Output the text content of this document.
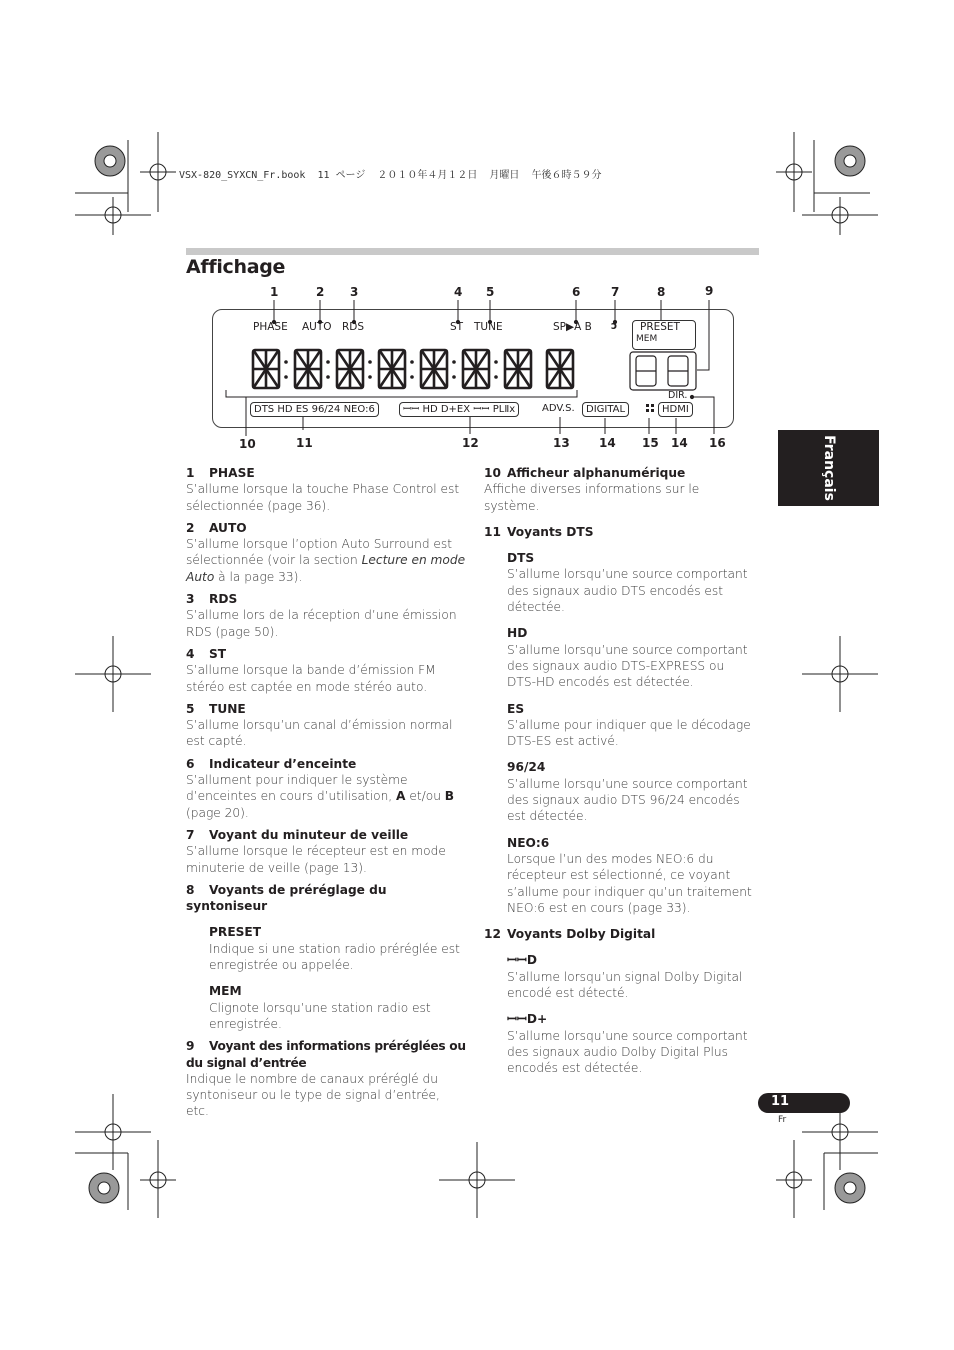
VSX-820_SYXCN_Fr.book  11 ページ  ２０１０年４月１２日  月曜日  午後６時５９分
Affichage
Français
1	2 3	4 5	6	7	8	9
10	11	12	13 14 15 14 16
PHASE AUTO RDS	ST TUNE	SP▶A B ↄ	PRESET
MEM
DIR.
DTS HD ES 96/24 NEO:6	ꟷꟷ HD D+EX ꟷꟷ PLⅡx	ADV.S.	DIGITAL	HDMI
1 PHASE
S’allume lorsque la touche Phase Control est sélectionnée (page 36).
2 AUTO
S’allume lorsque l’option Auto Surround est sélectionnée (voir la section Lecture en mode Auto à la page 33).
3 RDS
S’allume lors de la réception d’une émission RDS (page 50).
4 ST
S’allume lorsque la bande d’émission FM stéréo est captée en mode stéréo auto.
5 TUNE
S’allume lorsqu’un canal d’émission normal est capté.
6 Indicateur d’enceinte
S’allument pour indiquer le système d’enceintes en cours d’utilisation, A et/ou B (page 20).
7 Voyant du minuteur de veille
S’allume lorsque le récepteur est en mode minuterie de veille (page 13).
8 Voyants de préréglage du syntoniseur
PRESET
Indique si une station radio préréglée est enregistrée ou appelée.
MEM
Clignote lorsqu’une station radio est enregistrée.
9 Voyant des informations préréglées ou du signal d’entrée
Indique le nombre de canaux préréglé du syntoniseur ou le type de signal d’entrée, etc.
10 Afficheur alphanumérique
Affiche diverses informations sur le système.
11 Voyants DTS
DTS
S’allume lorsqu’une source comportant des signaux audio DTS encodés est détectée.
HD
S’allume lorsqu’une source comportant des signaux audio DTS-EXPRESS ou DTS-HD encodés est détectée.
ES
S’allume pour indiquer que le décodage DTS-ES est activé.
96/24
S’allume lorsqu’une source comportant des signaux audio DTS 96/24 encodés est détectée.
NEO:6
Lorsque l’un des modes NEO:6 du récepteur est sélectionné, ce voyant s’allume pour indiquer qu’un traitement NEO:6 est en cours (page 33).
12 Voyants Dolby Digital
ꟷꟷD
S’allume lorsqu’un signal Dolby Digital encodé est détecté.
ꟷꟷD+
S’allume lorsqu’une source comportant des signaux audio Dolby Digital Plus encodés est détectée.
11
Fr
